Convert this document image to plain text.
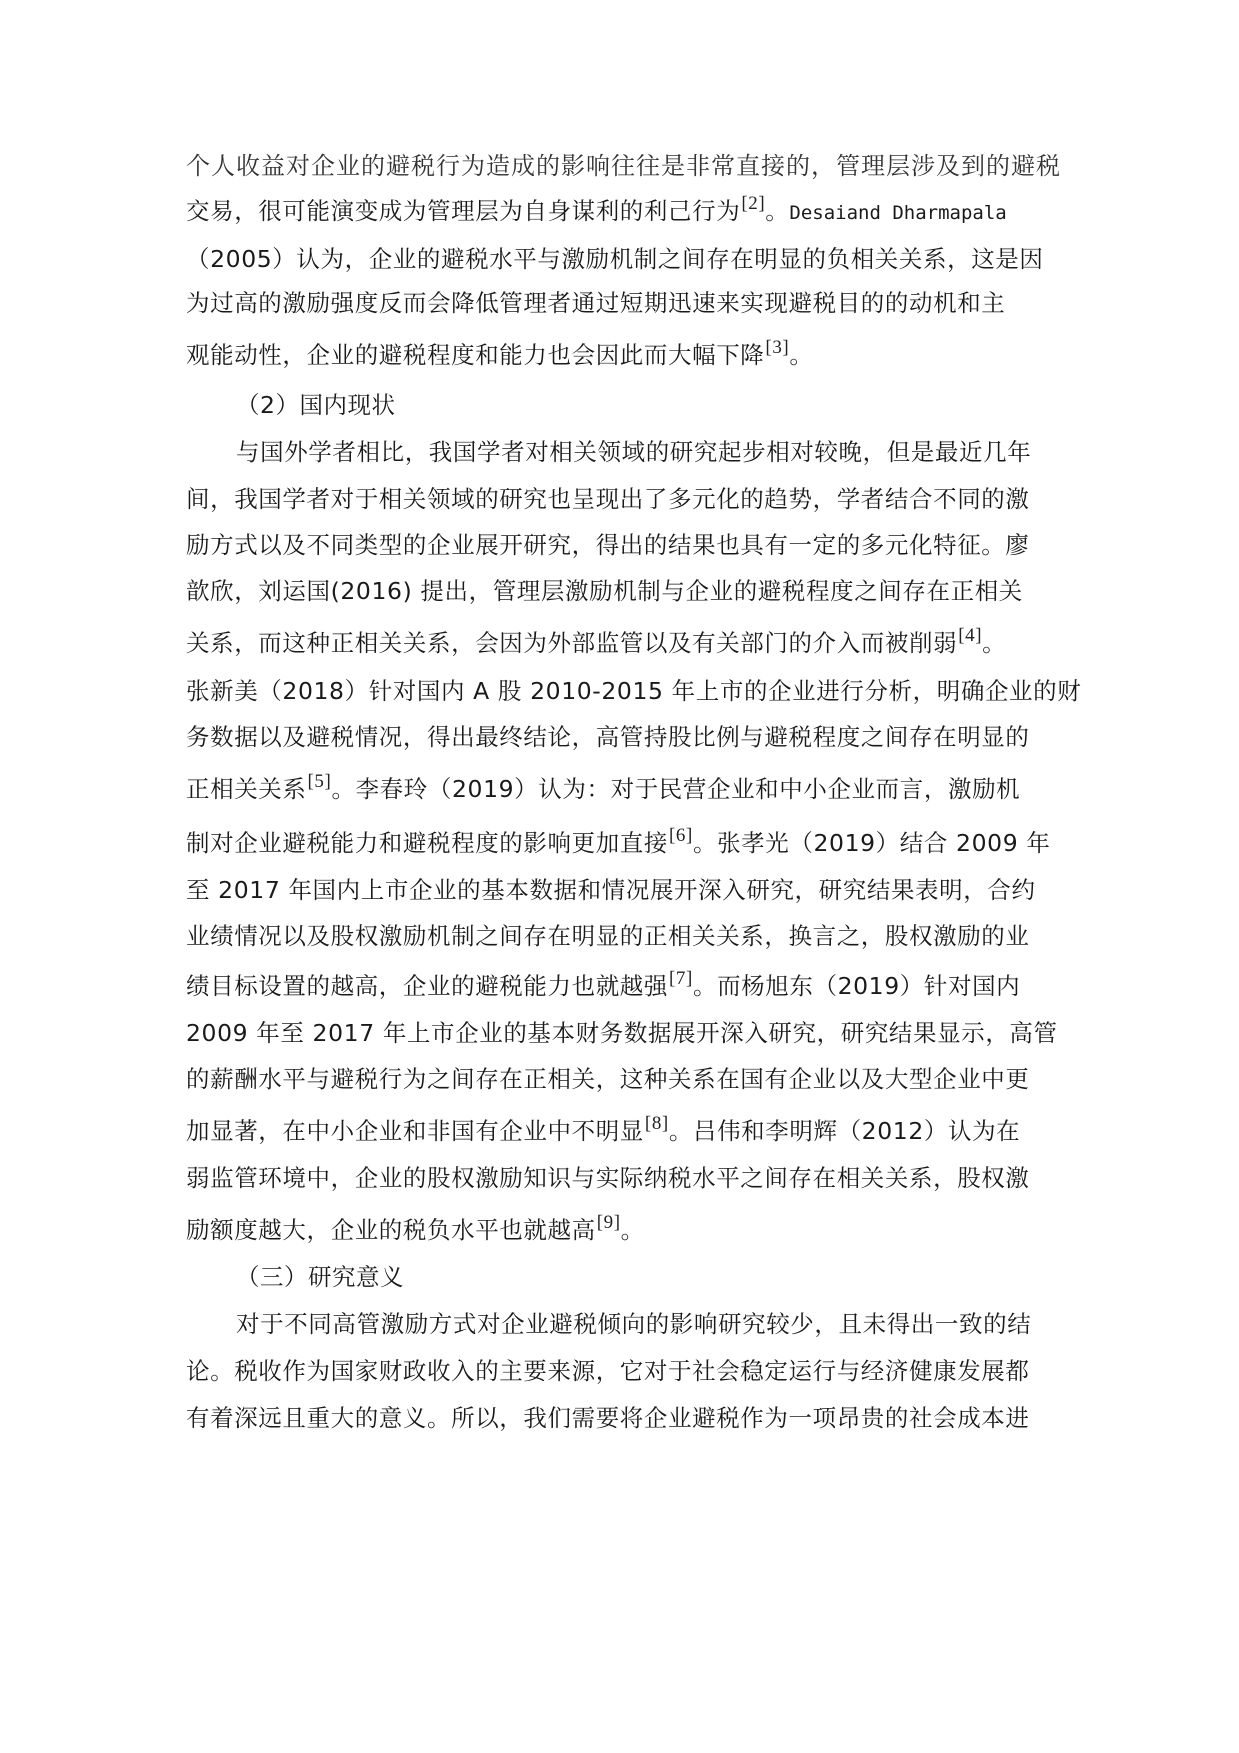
个人收益对企业的避税行为造成的影响往往是非常直接的，管理层涉及到的避税
交易，很可能演变成为管理层为自身谋利的利己行为[2]。Desaiand Dharmapala
（2005）认为，企业的避税水平与激励机制之间存在明显的负相关关系，这是因
为过高的激励强度反而会降低管理者通过短期迅速来实现避税目的的动机和主
观能动性，企业的避税程度和能力也会因此而大幅下降[3]。
（2）国内现状
与国外学者相比，我国学者对相关领域的研究起步相对较晚，但是最近几年
间，我国学者对于相关领域的研究也呈现出了多元化的趋势，学者结合不同的激
励方式以及不同类型的企业展开研究，得出的结果也具有一定的多元化特征。廖
歆欣，刘运国(2016) 提出，管理层激励机制与企业的避税程度之间存在正相关
关系，而这种正相关关系，会因为外部监管以及有关部门的介入而被削弱[4]。
张新美（2018）针对国内 A 股 2010-2015 年上市的企业进行分析，明确企业的财
务数据以及避税情况，得出最终结论，高管持股比例与避税程度之间存在明显的
正相关关系[5]。李春玲（2019）认为：对于民营企业和中小企业而言，激励机
制对企业避税能力和避税程度的影响更加直接[6]。张孝光（2019）结合 2009 年
至 2017 年国内上市企业的基本数据和情况展开深入研究，研究结果表明，合约
业绩情况以及股权激励机制之间存在明显的正相关关系，换言之，股权激励的业
绩目标设置的越高，企业的避税能力也就越强[7]。而杨旭东（2019）针对国内
2009 年至 2017 年上市企业的基本财务数据展开深入研究，研究结果显示，高管
的薪酬水平与避税行为之间存在正相关，这种关系在国有企业以及大型企业中更
加显著，在中小企业和非国有企业中不明显[8]。吕伟和李明辉（2012）认为在
弱监管环境中，企业的股权激励知识与实际纳税水平之间存在相关关系，股权激
励额度越大，企业的税负水平也就越高[9]。
（三）研究意义
对于不同高管激励方式对企业避税倾向的影响研究较少，且未得出一致的结
论。税收作为国家财政收入的主要来源，它对于社会稳定运行与经济健康发展都
有着深远且重大的意义。所以，我们需要将企业避税作为一项昂贵的社会成本进
